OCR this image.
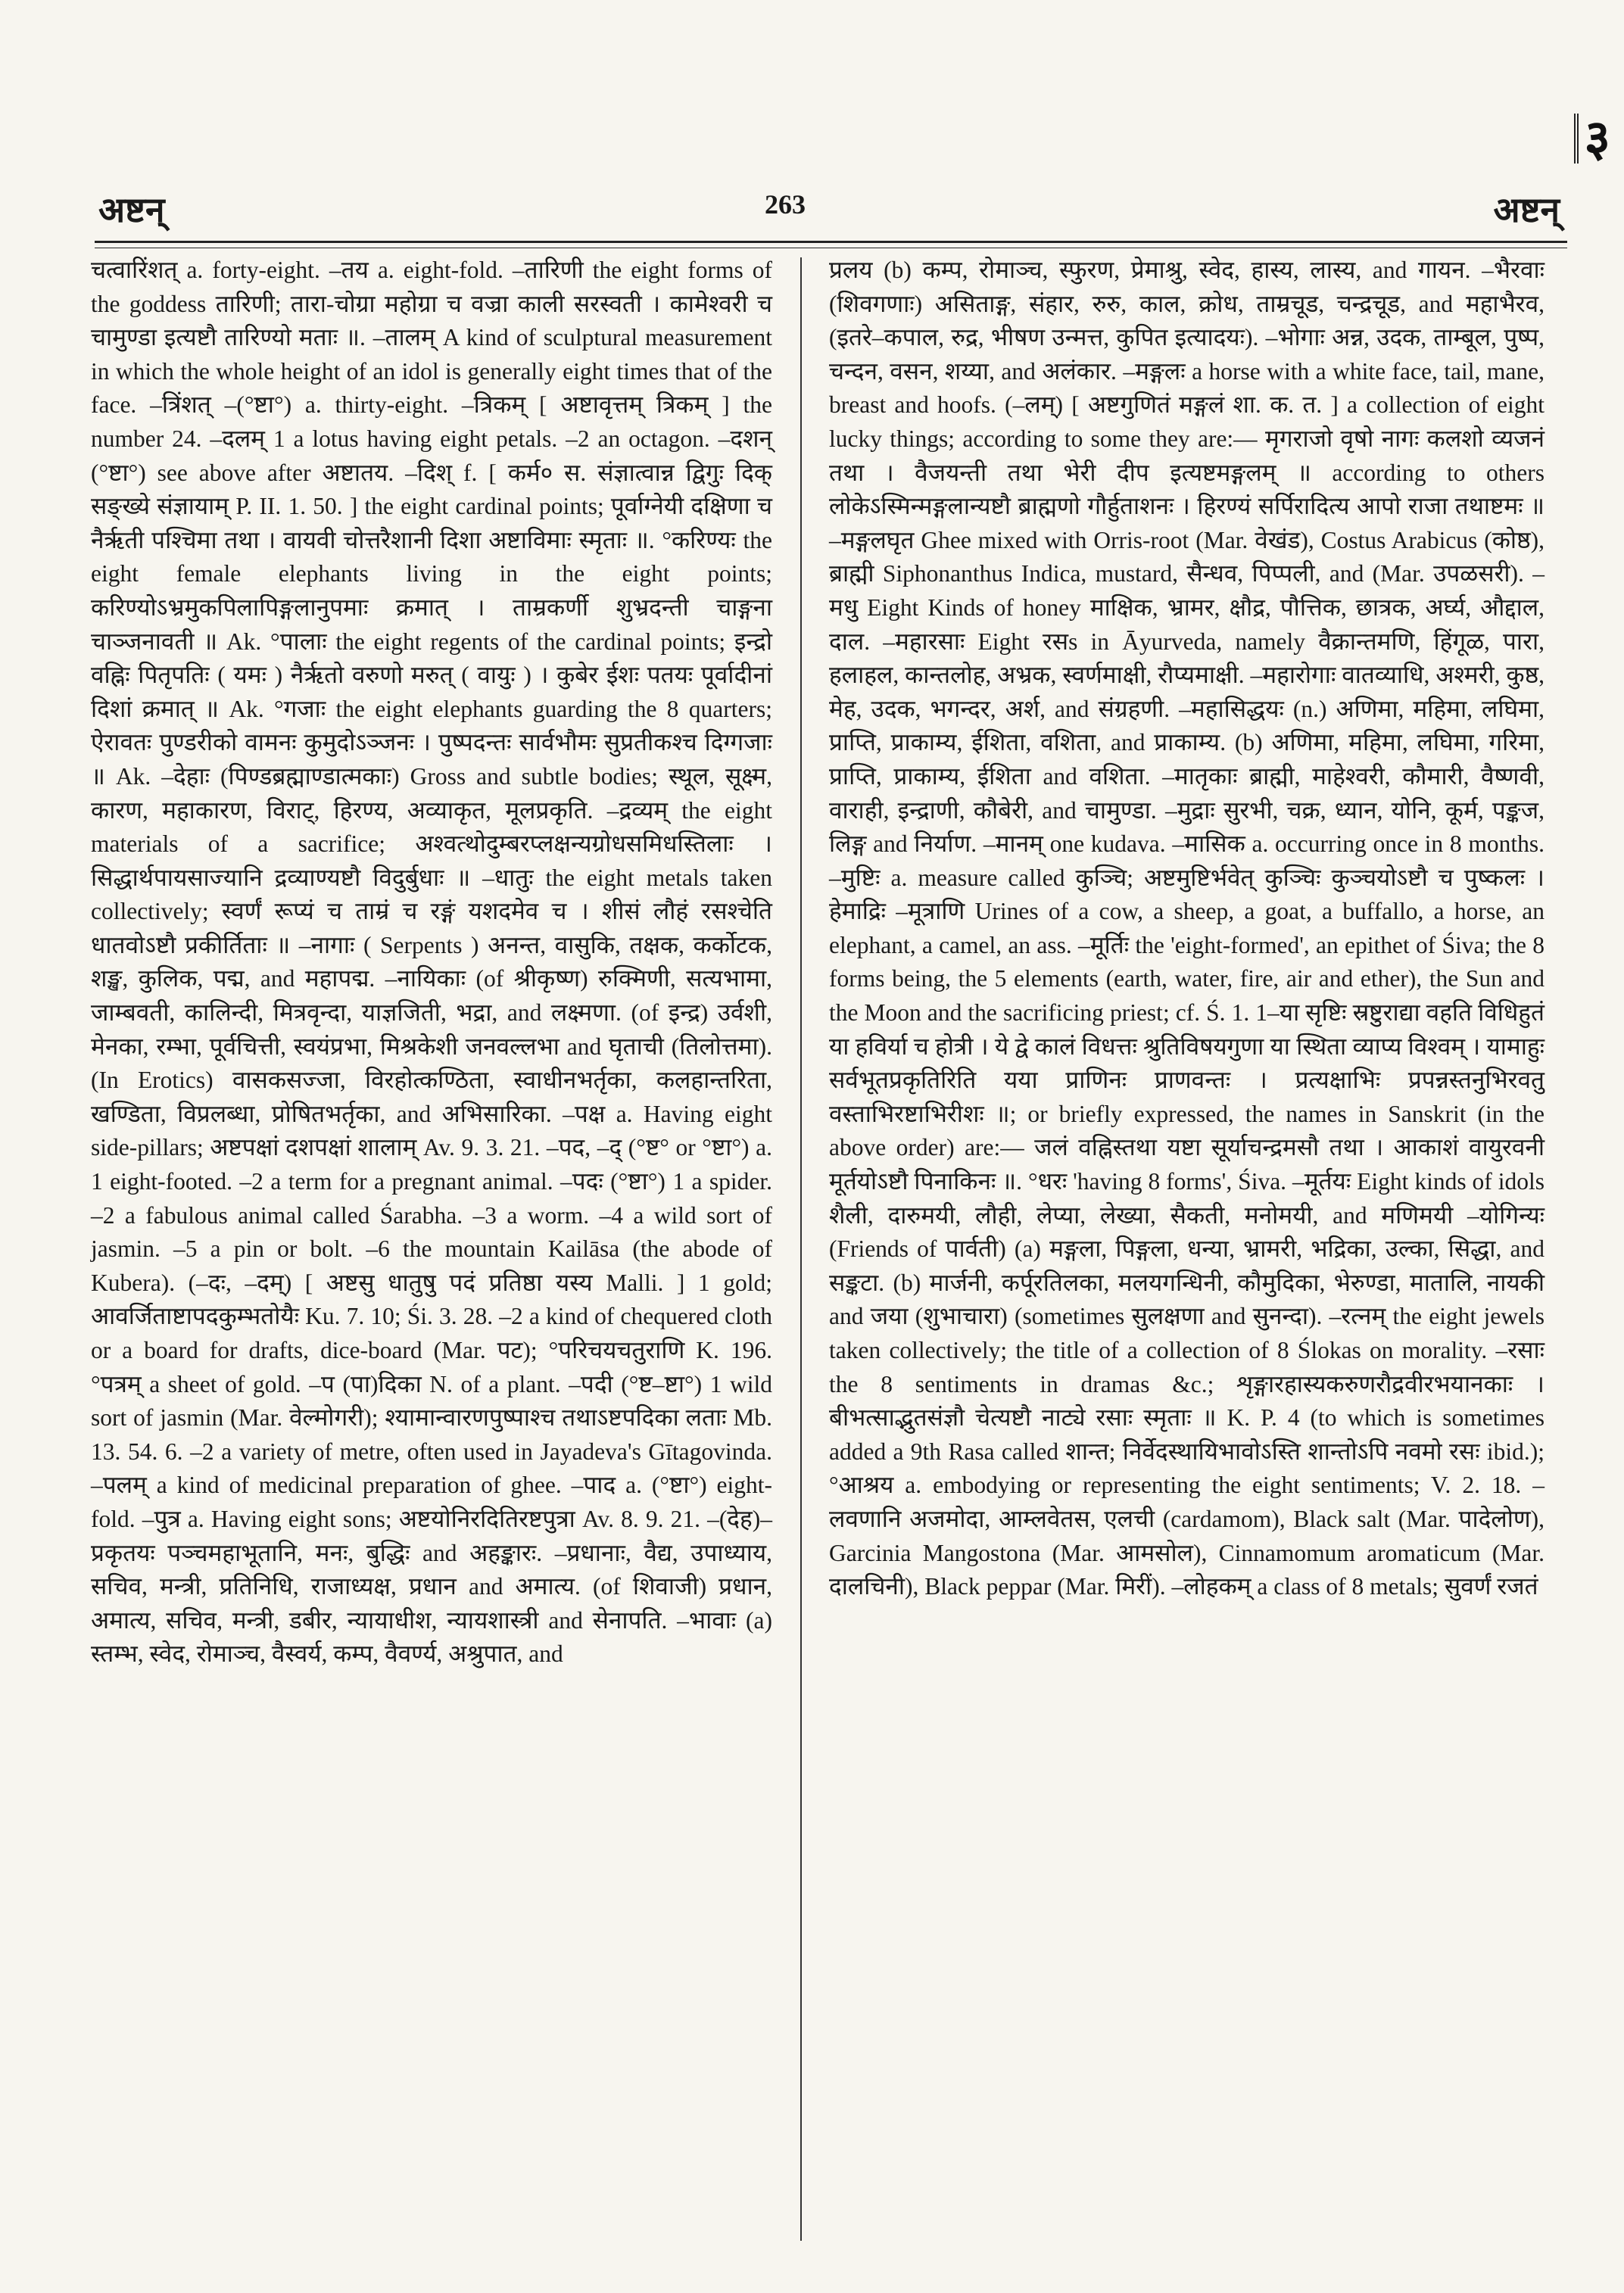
३
अष्टन्	263	अष्टन्

चत्वारिंशत् a. forty-eight. –तय a. eight-fold. –तारिणी the eight forms of the goddess तारिणी; तारा-चोग्रा महोग्रा च वज्रा काली सरस्वती । कामेश्वरी च चामुण्डा इत्यष्टौ तारिण्यो मताः ॥. –तालम् A kind of sculptural measurement in which the whole height of an idol is generally eight times that of the face. –त्रिंशत् –(°ष्टा°) a. thirty-eight. –त्रिकम् [ अष्टावृत्तम् त्रिकम् ] the number 24. –दलम् 1 a lotus having eight petals. –2 an octagon. –दशन् (°ष्टा°) see above after अष्टातय. –दिश् f. [ कर्म० स. संज्ञात्वान्न द्विगुः दिक् सङ्ख्ये संज्ञायाम् P. II. 1. 50. ] the eight cardinal points; पूर्वाग्नेयी दक्षिणा च नैर्ऋती पश्चिमा तथा । वायवी चोत्तरैशानी दिशा अष्टाविमाः स्मृताः ॥. °करिण्यः the eight female elephants living in the eight points; करिण्योऽभ्रमुकपिलापिङ्गलानुपमाः क्रमात् । ताम्रकर्णी शुभ्रदन्ती चाङ्गना चाञ्जनावती ॥ Ak. °पालाः the eight regents of the cardinal points; इन्द्रो वह्निः पितृपतिः ( यमः ) नैर्ऋतो वरुणो मरुत् ( वायुः ) । कुबेर ईशः पतयः पूर्वादीनां दिशां क्रमात् ॥ Ak. °गजाः the eight elephants guarding the 8 quarters; ऐरावतः पुण्डरीको वामनः कुमुदोऽञ्जनः । पुष्पदन्तः सार्वभौमः सुप्रतीकश्च दिग्गजाः ॥ Ak. –देहाः (पिण्डब्रह्माण्डात्मकाः) Gross and subtle bodies; स्थूल, सूक्ष्म, कारण, महाकारण, विराट्, हिरण्य, अव्याकृत, मूलप्रकृति. –द्रव्यम् the eight materials of a sacrifice; अश्वत्थोदुम्बरप्लक्षन्यग्रोधसमिधस्तिलाः । सिद्धार्थपायसाज्यानि द्रव्याण्यष्टौ विदुर्बुधाः ॥ –धातुः the eight metals taken collectively; स्वर्णं रूप्यं च ताम्रं च रङ्गं यशदमेव च । शीसं लौहं रसश्चेति धातवोऽष्टौ प्रकीर्तिताः ॥ –नागाः ( Serpents ) अनन्त, वासुकि, तक्षक, कर्कोटक, शङ्ख, कुलिक, पद्म, and महापद्म. –नायिकाः (of श्रीकृष्ण) रुक्मिणी, सत्यभामा, जाम्बवती, कालिन्दी, मित्रवृन्दा, याज्ञजिती, भद्रा, and लक्ष्मणा. (of इन्द्र) उर्वशी, मेनका, रम्भा, पूर्वचित्ती, स्वयंप्रभा, मिश्रकेशी जनवल्लभा and घृताची (तिलोत्तमा). (In Erotics) वासकसज्जा, विरहोत्कण्ठिता, स्वाधीनभर्तृका, कलहान्तरिता, खण्डिता, विप्रलब्धा, प्रोषितभर्तृका, and अभिसारिका. –पक्ष a. Having eight side-pillars; अष्टपक्षां दशपक्षां शालाम् Av. 9. 3. 21. –पद, –द् (°ष्ट° or °ष्टा°) a. 1 eight-footed. –2 a term for a pregnant animal. –पदः (°ष्टा°) 1 a spider. –2 a fabulous animal called Śarabha. –3 a worm. –4 a wild sort of jasmin. –5 a pin or bolt. –6 the mountain Kailāsa (the abode of Kubera). (–दः, –दम्) [ अष्टसु धातुषु पदं प्रतिष्ठा यस्य Malli. ] 1 gold; आवर्जिताष्टापदकुम्भतोयैः Ku. 7. 10; Śi. 3. 28. –2 a kind of chequered cloth or a board for drafts, dice-board (Mar. पट); °परिचयचतुराणि K. 196. °पत्रम् a sheet of gold. –प (पा)दिका N. of a plant. –पदी (°ष्ट–ष्टा°) 1 wild sort of jasmin (Mar. वेल्मोगरी); श्यामान्वारणपुष्पाश्च तथाऽष्टपदिका लताः Mb. 13. 54. 6. –2 a variety of metre, often used in Jayadeva's Gītagovinda. –पलम् a kind of medicinal preparation of ghee. –पाद a. (°ष्टा°) eight-fold. –पुत्र a. Having eight sons; अष्टयोनिरदितिरष्टपुत्रा Av. 8. 9. 21. –(देह)–प्रकृतयः पञ्चमहाभूतानि, मनः, बुद्धिः and अहङ्कारः. –प्रधानाः, वैद्य, उपाध्याय, सचिव, मन्त्री, प्रतिनिधि, राजाध्यक्ष, प्रधान and अमात्य. (of शिवाजी) प्रधान, अमात्य, सचिव, मन्त्री, डबीर, न्यायाधीश, न्यायशास्त्री and सेनापति. –भावाः (a) स्तम्भ, स्वेद, रोमाञ्च, वैस्वर्य, कम्प, वैवर्ण्य, अश्रुपात, and

प्रलय (b) कम्प, रोमाञ्च, स्फुरण, प्रेमाश्रु, स्वेद, हास्य, लास्य, and गायन. –भैरवाः (शिवगणाः) असिताङ्ग, संहार, रुरु, काल, क्रोध, ताम्रचूड, चन्द्रचूड, and महाभैरव, (इतरे–कपाल, रुद्र, भीषण उन्मत्त, कुपित इत्यादयः). –भोगाः अन्न, उदक, ताम्बूल, पुष्प, चन्दन, वसन, शय्या, and अलंकार. –मङ्गलः a horse with a white face, tail, mane, breast and hoofs. (–लम्) [ अष्टगुणितं मङ्गलं शा. क. त. ] a collection of eight lucky things; according to some they are:— मृगराजो वृषो नागः कलशो व्यजनं तथा । वैजयन्ती तथा भेरी दीप इत्यष्टमङ्गलम् ॥ according to others लोकेऽस्मिन्मङ्गलान्यष्टौ ब्राह्मणो गौर्हुताशनः । हिरण्यं सर्पिरादित्य आपो राजा तथाष्टमः ॥ –मङ्गलघृत Ghee mixed with Orris-root (Mar. वेखंड), Costus Arabicus (कोष्ठ), ब्राह्मी Siphonanthus Indica, mustard, सैन्धव, पिप्पली, and (Mar. उपळसरी). –मधु Eight Kinds of honey माक्षिक, भ्रामर, क्षौद्र, पौत्तिक, छात्रक, अर्घ्य, औद्दाल, दाल. –महारसाः Eight रसs in Āyurveda, namely वैक्रान्तमणि, हिंगूळ, पारा, हलाहल, कान्तलोह, अभ्रक, स्वर्णमाक्षी, रौप्यमाक्षी. –महारोगाः वातव्याधि, अश्मरी, कुष्ठ, मेह, उदक, भगन्दर, अर्श, and संग्रहणी. –महासिद्धयः (n.) अणिमा, महिमा, लघिमा, प्राप्ति, प्राकाम्य, ईशिता, वशिता, and प्राकाम्य. (b) अणिमा, महिमा, लघिमा, गरिमा, प्राप्ति, प्राकाम्य, ईशिता and वशिता. –मातृकाः ब्राह्मी, माहेश्वरी, कौमारी, वैष्णवी, वाराही, इन्द्राणी, कौबेरी, and चामुण्डा. –मुद्राः सुरभी, चक्र, ध्यान, योनि, कूर्म, पङ्कज, लिङ्ग and निर्याण. –मानम् one kudava. –मासिक a. occurring once in 8 months. –मुष्टिः a. measure called कुञ्चि; अष्टमुष्टिर्भवेत् कुञ्चिः कुञ्चयोऽष्टौ च पुष्कलः । हेमाद्रिः –मूत्राणि Urines of a cow, a sheep, a goat, a buffallo, a horse, an elephant, a camel, an ass. –मूर्तिः the 'eight-formed', an epithet of Śiva; the 8 forms being, the 5 elements (earth, water, fire, air and ether), the Sun and the Moon and the sacrificing priest; cf. Ś. 1. 1–या सृष्टिः स्रष्टुराद्या वहति विधिहुतं या हविर्या च होत्री । ये द्वे कालं विधत्तः श्रुतिविषयगुणा या स्थिता व्याप्य विश्वम् । यामाहुः सर्वभूतप्रकृतिरिति यया प्राणिनः प्राणवन्तः । प्रत्यक्षाभिः प्रपन्नस्तनुभिरवतु वस्ताभिरष्टाभिरीशः ॥; or briefly expressed, the names in Sanskrit (in the above order) are:— जलं वह्निस्तथा यष्टा सूर्याचन्द्रमसौ तथा । आकाशं वायुरवनी मूर्तयोऽष्टौ पिनाकिनः ॥. °धरः 'having 8 forms', Śiva. –मूर्तयः Eight kinds of idols शैली, दारुमयी, लौही, लेप्या, लेख्या, सैकती, मनोमयी, and मणिमयी –योगिन्यः (Friends of पार्वती) (a) मङ्गला, पिङ्गला, धन्या, भ्रामरी, भद्रिका, उल्का, सिद्धा, and सङ्कटा. (b) मार्जनी, कर्पूरतिलका, मलयगन्धिनी, कौमुदिका, भेरुण्डा, मातालि, नायकी and जया (शुभाचारा) (sometimes सुलक्षणा and सुनन्दा). –रत्नम् the eight jewels taken collectively; the title of a collection of 8 Ślokas on morality. –रसाः the 8 sentiments in dramas &c.; शृङ्गारहास्यकरुणरौद्रवीरभयानकाः । बीभत्साद्भुतसंज्ञौ चेत्यष्टौ नाट्ये रसाः स्मृताः ॥ K. P. 4 (to which is sometimes added a 9th Rasa called शान्त; निर्वेदस्थायिभावोऽस्ति शान्तोऽपि नवमो रसः ibid.); °आश्रय a. embodying or representing the eight sentiments; V. 2. 18. –लवणानि अजमोदा, आम्लवेतस, एलची (cardamom), Black salt (Mar. पादेलोण), Garcinia Mangostona (Mar. आमसोल), Cinnamomum aromaticum (Mar. दालचिनी), Black peppar (Mar. मिरीं). –लोहकम् a class of 8 metals; सुवर्णं रजतं
